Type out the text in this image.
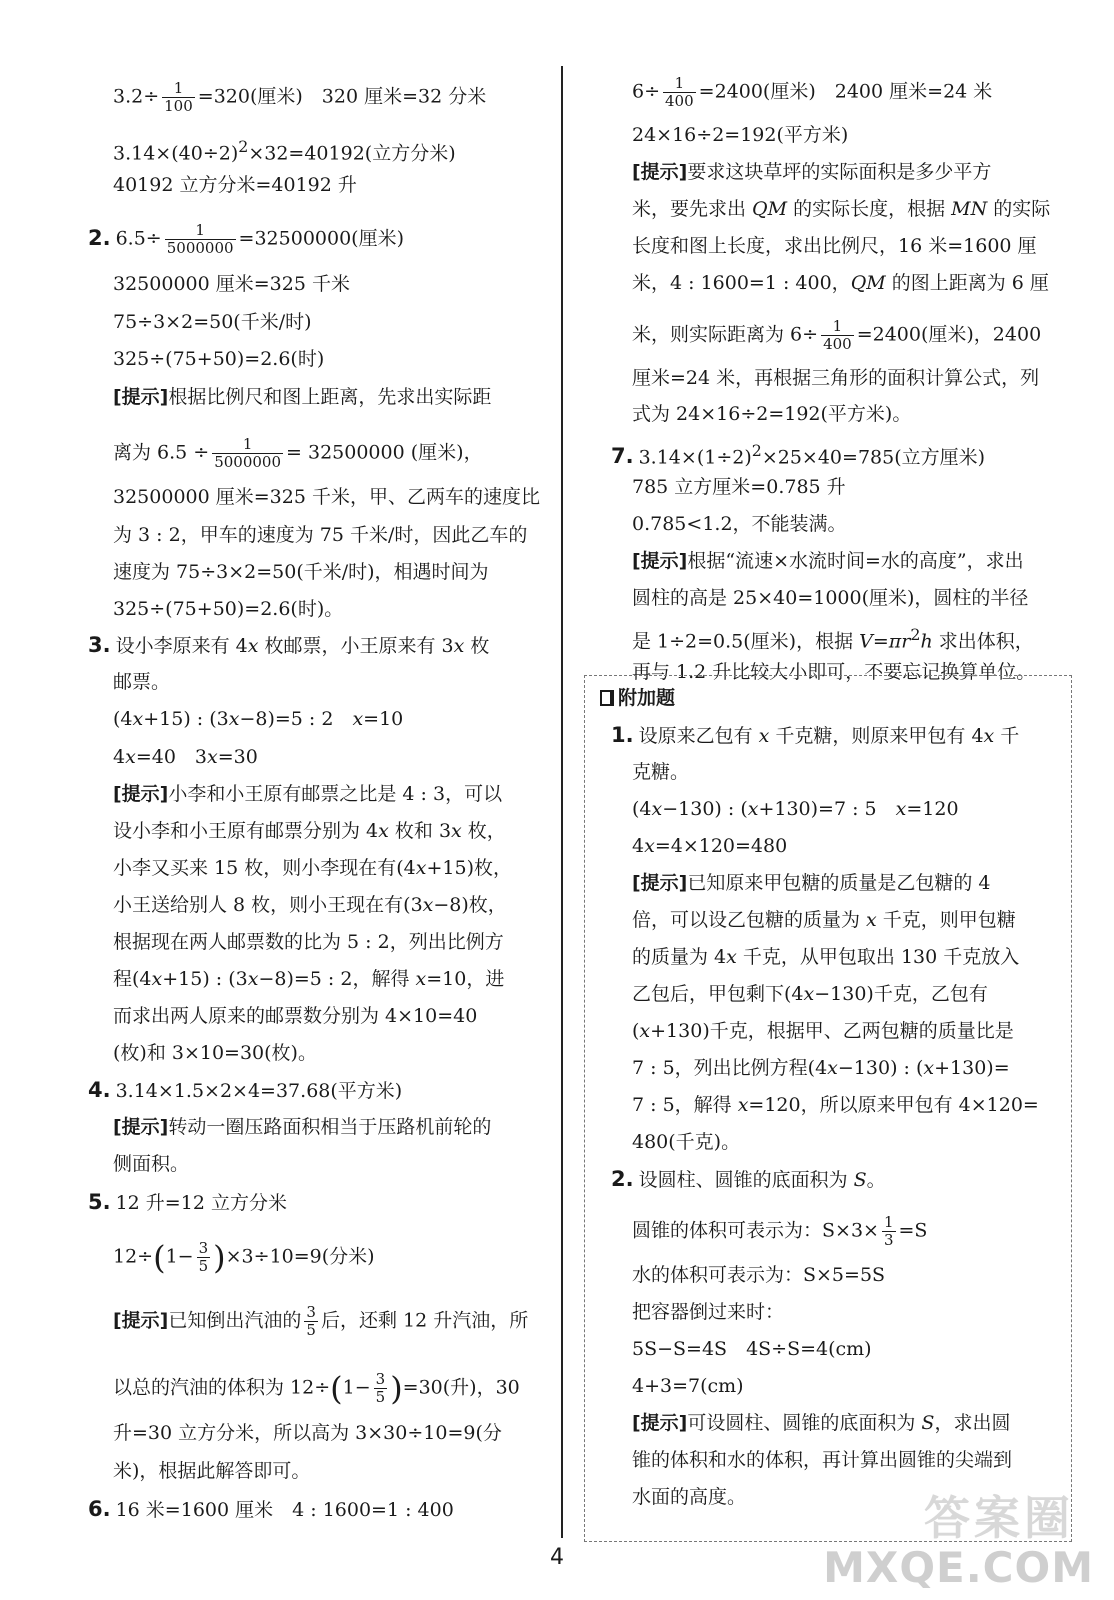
$3.2\div \frac{1}{100} =320$(厘米)　320 厘米=32 分米
$3.14\times(40\div 2)^2\times 32=40192$(立方分米)
40192 立方分米=40192 升
2. $6.5\div \frac{1}{5000000} =32500000$(厘米)
32500000 厘米=325 千米
75÷3×2=50(千米/时)
325÷(75+50)=2.6(时)
[提示]根据比例尺和图上距离，先求出实际距
离为 $6.5 \div \frac{1}{5000000} = 32500000$ (厘米)，
32500000 厘米=325 千米，甲、乙两车的速度比
为 3 : 2，甲车的速度为 75 千米/时，因此乙车的
速度为 75÷3×2=50(千米/时)，相遇时间为
325÷(75+50)=2.6(时)。
3. 设小李原来有 4x 枚邮票，小王原来有 3x 枚
邮票。
(4x+15) : (3x−8)=5 : 2　x=10
4x=40　3x=30
[提示]小李和小王原有邮票之比是 4 : 3，可以
设小李和小王原有邮票分别为 4x 枚和 3x 枚，
小李又买来 15 枚，则小李现在有(4x+15)枚，
小王送给别人 8 枚，则小王现在有(3x−8)枚，
根据现在两人邮票数的比为 5 : 2，列出比例方
程(4x+15) : (3x−8)=5 : 2，解得 x=10，进
而求出两人原来的邮票数分别为 4×10=40
(枚)和 3×10=30(枚)。
4. 3.14×1.5×2×4=37.68(平方米)
[提示]转动一圈压路面积相当于压路机前轮的
侧面积。
5. 12 升=12 立方分米
$12\div(1- \frac{3}{5} )\times 3\div 10=9$(分米)
[提示]已知倒出汽油的 $\frac{3}{5}$ 后，还剩 12 升汽油，所
以总的汽油的体积为 $12\div(1- \frac{3}{5} )=30$(升)，30
升=30 立方分米，所以高为 3×30÷10=9(分
米)，根据此解答即可。
6. 16 米=1600 厘米　4 : 1600=1 : 400
$6\div \frac{1}{400} =2400$(厘米)　2400 厘米=24 米
24×16÷2=192(平方米)
[提示]要求这块草坪的实际面积是多少平方
米，要先求出 QM 的实际长度，根据 MN 的实际
长度和图上长度，求出比例尺，16 米=1600 厘
米，4 : 1600=1 : 400，QM 的图上距离为 6 厘
米，则实际距离为 $6\div \frac{1}{400} =2400$(厘米)，2400
厘米=24 米，再根据三角形的面积计算公式，列
式为 24×16÷2=192(平方米)。
7. $3.14\times(1\div 2)^2\times 25\times 40=785$(立方厘米)
785 立方厘米=0.785 升
0.785<1.2，不能装满。
[提示]根据“流速×水流时间=水的高度”，求出
圆柱的高是 25×40=1000(厘米)，圆柱的半径
是 1÷2=0.5(厘米)，根据 $V=\pi r^2h$ 求出体积，
再与 1.2 升比较大小即可，不要忘记换算单位。
附加题
1. 设原来乙包有 x 千克糖，则原来甲包有 4x 千
克糖。
(4x−130) : (x+130)=7 : 5　x=120
4x=4×120=480
[提示]已知原来甲包糖的质量是乙包糖的 4
倍，可以设乙包糖的质量为 x 千克，则甲包糖
的质量为 4x 千克，从甲包取出 130 千克放入
乙包后，甲包剩下(4x−130)千克，乙包有
(x+130)千克，根据甲、乙两包糖的质量比是
7 : 5，列出比例方程(4x−130) : (x+130)=
7 : 5，解得 x=120，所以原来甲包有 4×120=
480(千克)。
2. 设圆柱、圆锥的底面积为 S。
圆锥的体积可表示为：$S\times 3\times \frac{1}{3} =S$
水的体积可表示为：S×5=5S
把容器倒过来时：
5S−S=4S　4S÷S=4(cm)
4+3=7(cm)
[提示]可设圆柱、圆锥的底面积为 S，求出圆
锥的体积和水的体积，再计算出圆锥的尖端到
水面的高度。
4
答案圈
MXQE.COM
